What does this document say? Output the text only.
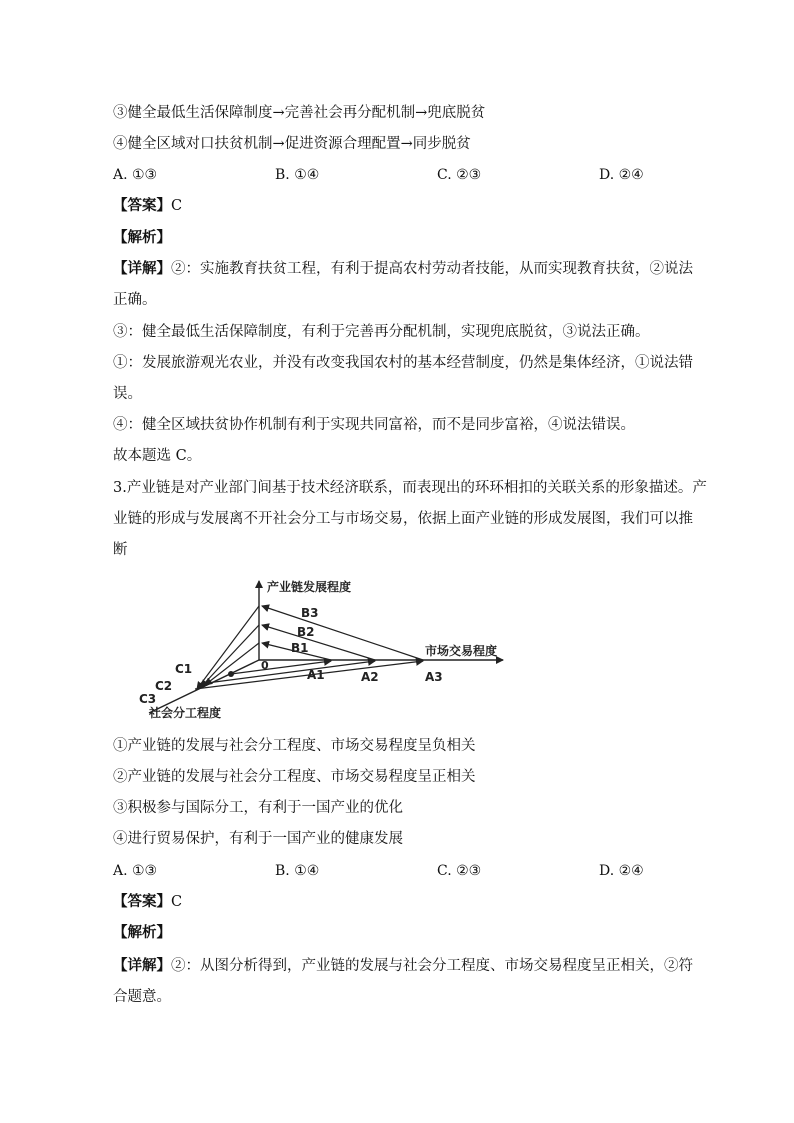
③健全最低生活保障制度→完善社会再分配机制→兜底脱贫
④健全区域对口扶贫机制→促进资源合理配置→同步脱贫
A. ①③	B. ①④	C. ②③	D. ②④
【答案】C
【解析】
【详解】②：实施教育扶贫工程，有利于提高农村劳动者技能，从而实现教育扶贫，②说法
正确。
③：健全最低生活保障制度，有利于完善再分配机制，实现兜底脱贫，③说法正确。
①：发展旅游观光农业，并没有改变我国农村的基本经营制度，仍然是集体经济，①说法错
误。
④：健全区域扶贫协作机制有利于实现共同富裕，而不是同步富裕，④说法错误。
故本题选 C。
3.产业链是对产业部门间基于技术经济联系，而表现出的环环相扣的关联关系的形象描述。产
业链的形成与发展离不开社会分工与市场交易，依据上面产业链的形成发展图，我们可以推
断
产业链发展程度
市场交易程度
社会分工程度
0
B1
B2
B3
A1	A2	A3
C1
C2
C3
①产业链的发展与社会分工程度、市场交易程度呈负相关
②产业链的发展与社会分工程度、市场交易程度呈正相关
③积极参与国际分工，有利于一国产业的优化
④进行贸易保护，有利于一国产业的健康发展
A. ①③	B. ①④	C. ②③	D. ②④
【答案】C
【解析】
【详解】②：从图分析得到，产业链的发展与社会分工程度、市场交易程度呈正相关，②符
合题意。
